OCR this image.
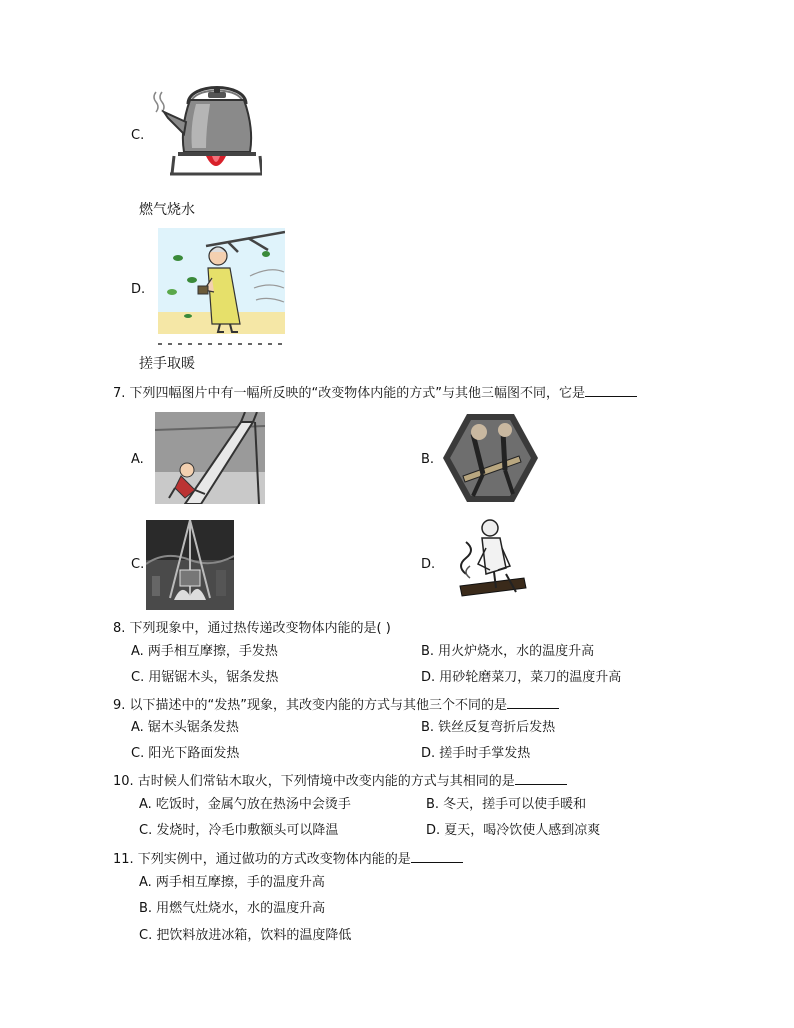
C.
燃气烧水
D.
搓手取暖
7. 下列四幅图片中有一幅所反映的“改变物体内能的方式”与其他三幅图不同，它是
A.	B.
C.	D.
8. 下列现象中，通过热传递改变物体内能的是( )
A. 两手相互摩擦，手发热	B. 用火炉烧水，水的温度升高
C. 用锯锯木头，锯条发热	D. 用砂轮磨菜刀，菜刀的温度升高
9. 以下描述中的“发热”现象，其改变内能的方式与其他三个不同的是
A. 锯木头锯条发热	B. 铁丝反复弯折后发热
C. 阳光下路面发热	D. 搓手时手掌发热
10. 古时候人们常钻木取火，下列情境中改变内能的方式与其相同的是
A. 吃饭时，金属勺放在热汤中会烫手	B. 冬天，搓手可以使手暖和
C. 发烧时，冷毛巾敷额头可以降温	D. 夏天，喝冷饮使人感到凉爽
11. 下列实例中，通过做功的方式改变物体内能的是
A. 两手相互摩擦，手的温度升高
B. 用燃气灶烧水，水的温度升高
C. 把饮料放进冰箱，饮料的温度降低
